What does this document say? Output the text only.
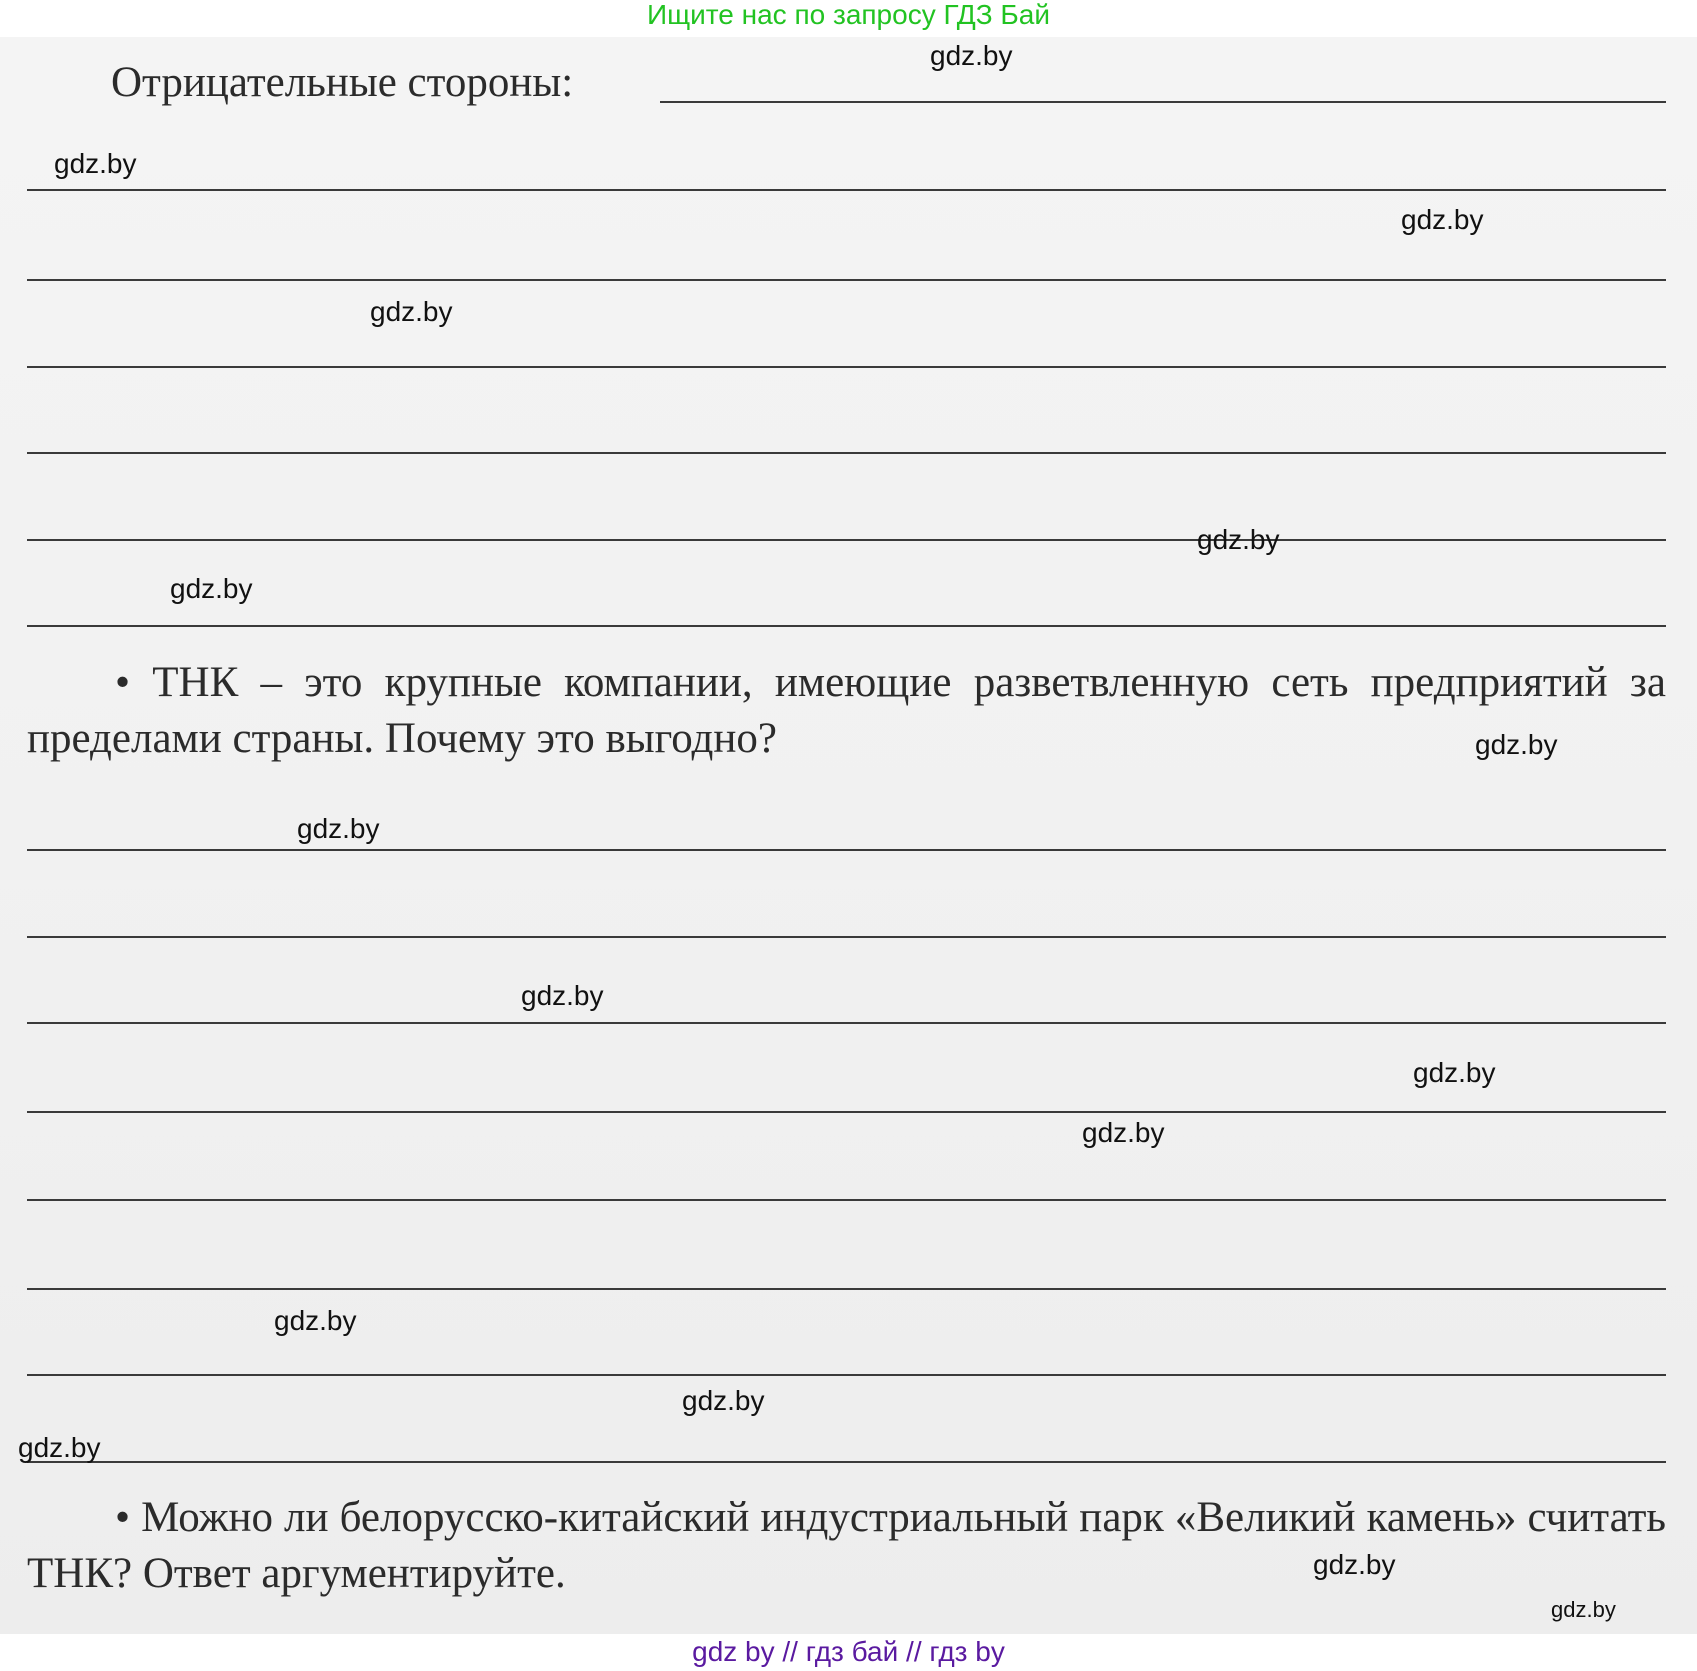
Ищите нас по запросу ГДЗ Бай
Отрицательные стороны:
• ТНК – это крупные компании, имеющие разветвленную сеть предприятий за пределами страны. Почему это выгодно?
• Можно ли белорусско-китайский индустриальный парк «Великий камень» считать ТНК? Ответ аргументируйте.
gdz.by
gdz.by
gdz.by
gdz.by
gdz.by
gdz.by
gdz.by
gdz.by
gdz.by
gdz.by
gdz.by
gdz.by
gdz.by
gdz.by
gdz.by
gdz.by
gdz by // гдз бай // гдз by
